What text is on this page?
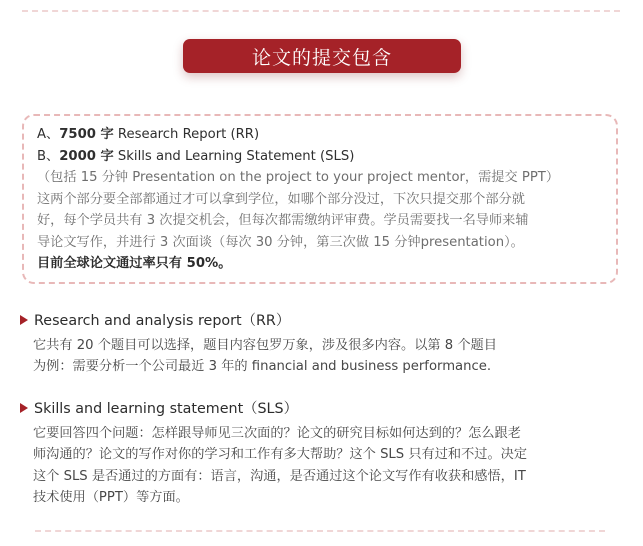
论文的提交包含

A、7500 字 Research Report (RR)

B、2000 字 Skills and Learning Statement (SLS)

（包括 15 分钟 Presentation on the project to your project mentor，需提交 PPT）

这两个部分要全部都通过才可以拿到学位，如哪个部分没过，下次只提交那个部分就

好，每个学员共有 3 次提交机会，但每次都需缴纳评审费。学员需要找一名导师来辅

导论文写作，并进行 3 次面谈（每次 30 分钟，第三次做 15 分钟presentation）。

目前全球论文通过率只有 50%。

Research and analysis report（RR）

它共有 20 个题目可以选择，题目内容包罗万象，涉及很多内容。以第 8 个题目

为例：需要分析一个公司最近 3 年的 financial and business performance.

Skills and learning statement（SLS）

它要回答四个问题：怎样跟导师见三次面的？论文的研究目标如何达到的？怎么跟老

师沟通的？论文的写作对你的学习和工作有多大帮助？这个 SLS 只有过和不过。决定

这个 SLS 是否通过的方面有：语言，沟通，是否通过这个论文写作有收获和感悟，IT

技术使用（PPT）等方面。
